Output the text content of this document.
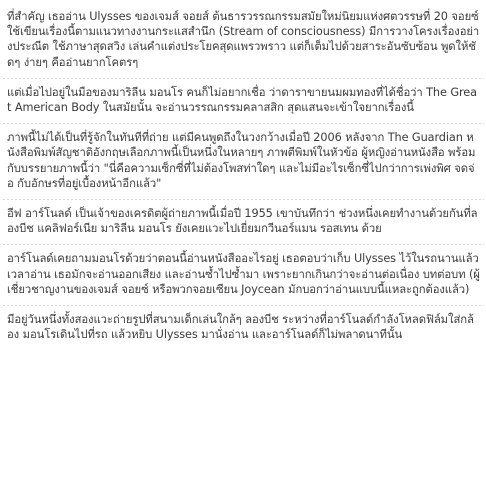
ที่สำคัญ เธออ่าน Ulysses ของเจมส์ จอยส์ ต้นธารวรรณกรรมสมัยใหม่นิยมแห่งศตวรรษที่ 20 จอยซ์ใช้เขียนเรื่องนี้ตามแนวทางงานกระแสสำนึก (Stream of consciousness) มีการวางโครงเรื่องอย่างประณีต ใช้ภาษาสุดสวิง เล่นคำแต่งประโยคสุดแพรวพราว แต่ก็เต็มไปด้วยสาระอันซับซ้อน พูดให้ชัดๆ ง่ายๆ คืออ่านยากโคตรๆ

แต่เมื่อไปอยู่ในมือของมาริลีน มอนโร คนก็ไม่อยากเชื่อ ว่าดาราขายนมผมทองที่ได้ชื่อว่า The Great American Body ในสมัยนั้น จะอ่านวรรณกรรมคลาสสิก สุดแสนจะเข้าใจยากเรื่องนี้

ภาพนี้ไม่ได้เป็นที่รู้จักในทันทีที่ถ่าย แต่มีคนพูดถึงในวงกว้างเมื่อปี 2006 หลังจาก The Guardian หนังสือพิมพ์สัญชาติอังกฤษเลือกภาพนี้เป็นหนึ่งในหลายๆ ภาพตีพิมพ์ในหัวข้อ ผู้หญิงอ่านหนังสือ พร้อมกับบรรยายภาพนี้ว่า "นี่คือความเซ็กซี่ที่ไม่ต้องโพสท่าใดๆ และไม่มีอะไรเซ็กซี่ไปกว่าการเพ่งพิศ จดจ่อ กับอักษรที่อยู่เบื้องหน้าอีกแล้ว"

อีฟ อาร์โนลด์ เป็นเจ้าของเครดิตผู้ถ่ายภาพนี้เมื่อปี 1955 เขาบันทึกว่า ช่วงหนึ่งเคยทำงานด้วยกันที่ลองบีช แคลิฟอร์เนีย มาริลีน มอนโร ยังเคยแวะไปเยี่ยมกวีนอร์แมน รอสเทน ด้วย

อาร์โนลด์เคยถามมอนโรด้วยว่าตอนนี้อ่านหนังสืออะไรอยู่ เธอตอบว่าเก็บ Ulysses ไว้ในรถนานแล้ว เวลาอ่าน เธอมักจะอ่านออกเสียง และอ่านซ้ำไปซ้ำมา เพราะยากเกินกว่าจะอ่านต่อเนื่อง บทต่อบท (ผู้เชี่ยวชาญงานของเจมส์ จอยซ์ หรือพวกจอยเซียน Joycean มักบอกว่าอ่านแบบนี้แหละถูกต้องแล้ว)

มีอยู่วันหนึ่งทั้งสองแวะถ่ายรูปที่สนามเด็กเล่นใกล้ๆ ลองบีช ระหว่างที่อาร์โนลด์กำลังโหลดฟิล์มใส่กล้อง มอนโรเดินไปที่รถ แล้วหยิบ Ulysses มานั่งอ่าน และอาร์โนลด์ก็ไม่พลาดนาทีนั้น
